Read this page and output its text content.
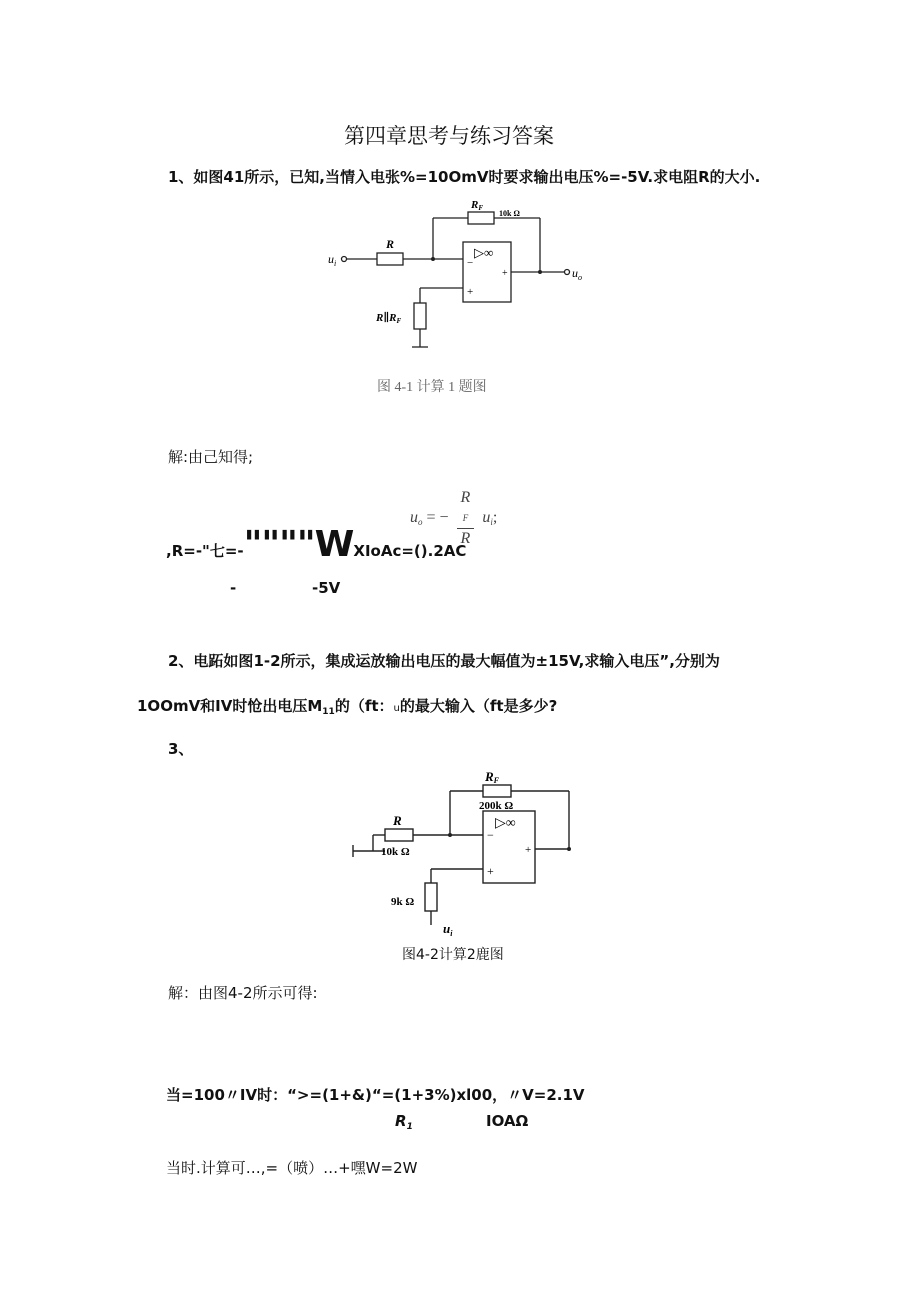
第四章思考与练习答案
1、如图41所示，已知,当情入电张%=10OmV时要求输出电压%=-5V.求电阻R的大小.
$u_i$
R
RF
10k Ω
▷∞
−
+
+	$u_o$
R∥RF
图 4-1 计算 1 题图
解:由己知得;
$u_o$ = − R
F
R $u_i$;
,R=-"七=-""""WXIoAc=().2AC
-	-5V
2、电跖如图1-2所示，集成运放输出电压的最大幅值为±15V,求输入电压”,分别为
1OOmV和IV时怆出电压$M_{11}$的（ft：u的最大输入（ft是多少?
3、
RF
200k Ω
R
10k Ω
9k Ω
$u_i$
▷∞
−
+
+
图4-2计算2鹿图
解：由图4-2所示可得:
当=100〃IV时：“>=(1+&)“=(1+3%)xl00，〃V=2.1V
$R_1$	IOAΩ
当时.计算可…,=（喷）…+嘿W=2W
